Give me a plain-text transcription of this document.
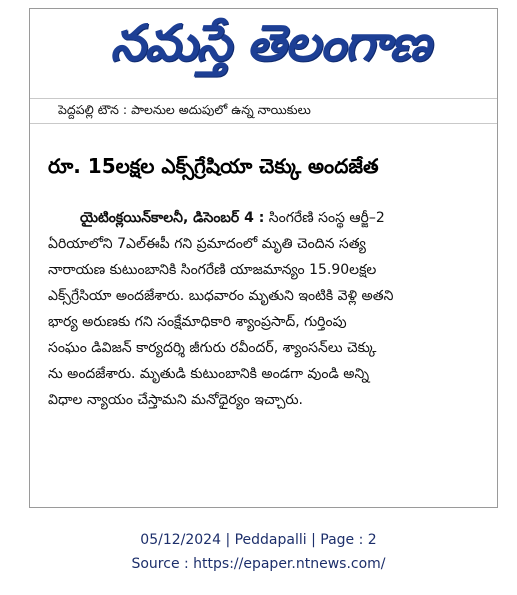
నమస్తే తెలంగాణ
పెద్దపల్లి టౌన : పాలనుల అదుపులో ఉన్న నాయికులు
రూ. 15లక్షల ఎక్స్‌గ్రేషియా చెక్కు అందజేత
యైటింక్లయిన్‌కాలనీ, డిసెంబర్ 4 : సింగరేణి సంస్థ ఆర్జీ–2
ఏరియాలోని 7ఎల్ఈపీ గని ప్రమాదంలో మృతి చెందిన సత్య
నారాయణ కుటుంబానికి సింగరేణి యాజమాన్యం 15.90లక్షల
ఎక్స్‌గ్రేసియా అందజేశారు. బుధవారం మృతుని ఇంటికి వెళ్లి అతని
భార్య అరుణకు గని సంక్షేమాధికారి శ్యాంప్రసాద్, గుర్తింపు
సంఘం డివిజన్ కార్యదర్శి జీగురు రవీందర్, శ్యాంసన్‌లు చెక్కు
ను అందజేశారు. మృతుడి కుటుంబానికి అండగా వుండి అన్ని
విధాల న్యాయం చేస్తామని మనోధైర్యం ఇచ్చారు.
05/12/2024 | Peddapalli | Page : 2
Source : https://epaper.ntnews.com/
